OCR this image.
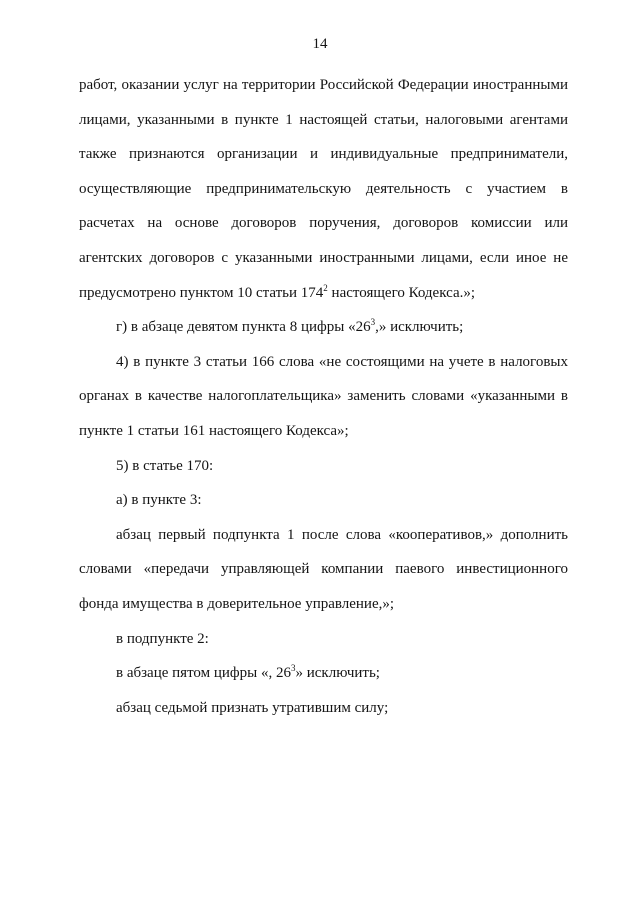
14

работ, оказании услуг на территории Российской Федерации иностранными лицами, указанными в пункте 1 настоящей статьи, налоговыми агентами также признаются организации и индивидуальные предприниматели, осуществляющие предпринимательскую деятельность с участием в расчетах на основе договоров поручения, договоров комиссии или агентских договоров с указанными иностранными лицами, если иное не предусмотрено пунктом 10 статьи $174^2$ настоящего Кодекса.»;

г) в абзаце девятом пункта 8 цифры «$26^3$,» исключить;

4) в пункте 3 статьи 166 слова «не состоящими на учете в налоговых органах в качестве налогоплательщика» заменить словами «указанными в пункте 1 статьи 161 настоящего Кодекса»;

5) в статье 170:

а) в пункте 3:

абзац первый подпункта 1 после слова «кооперативов,» дополнить словами «передачи управляющей компании паевого инвестиционного фонда имущества в доверительное управление,»;

в подпункте 2:

в абзаце пятом цифры «, $26^3$» исключить;

абзац седьмой признать утратившим силу;
